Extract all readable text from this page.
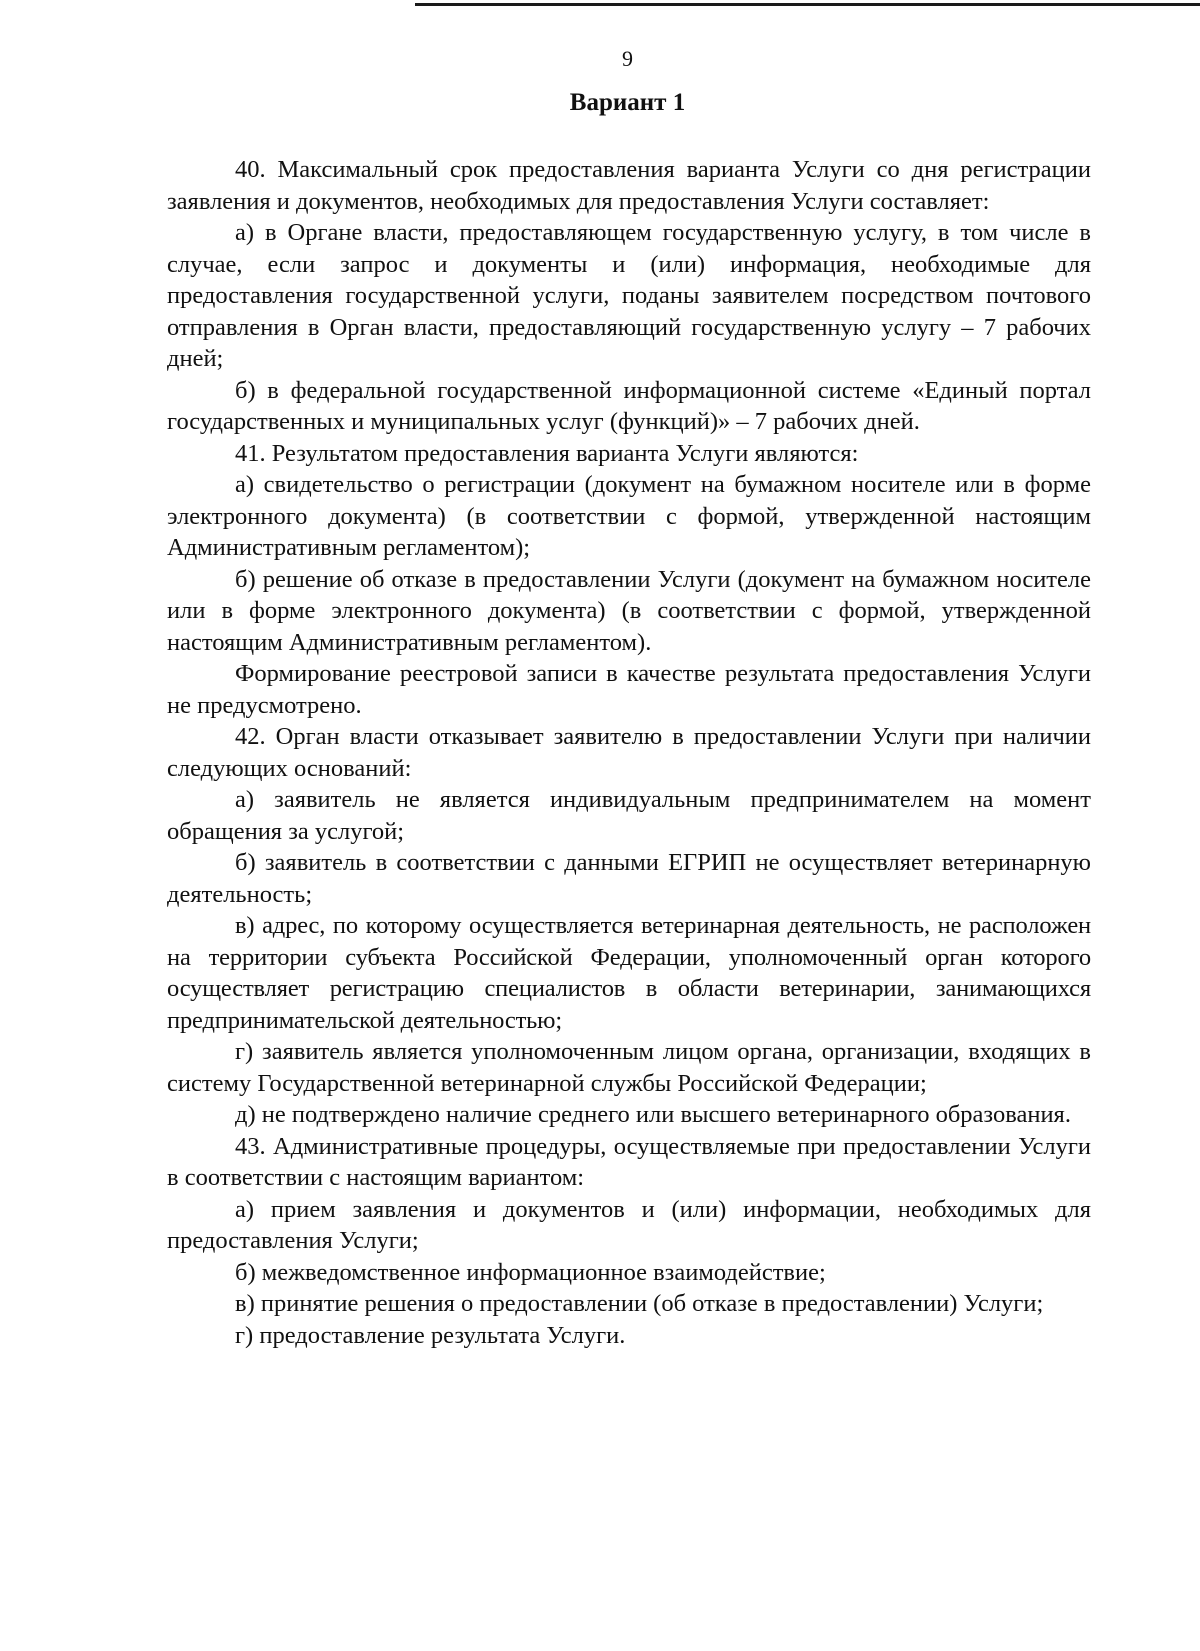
9
Вариант 1

40. Максимальный срок предоставления варианта Услуги со дня регистрации заявления и документов, необходимых для предоставления Услуги составляет:

а) в Органе власти, предоставляющем государственную услугу, в том числе в случае, если запрос и документы и (или) информация, необходимые для предоставления государственной услуги, поданы заявителем посредством почтового отправления в Орган власти, предоставляющий государственную услугу – 7 рабочих дней;

б) в федеральной государственной информационной системе «Единый портал государственных и муниципальных услуг (функций)» – 7 рабочих дней.

41. Результатом предоставления варианта Услуги являются:

а) свидетельство о регистрации (документ на бумажном носителе или в форме электронного документа) (в соответствии с формой, утвержденной настоящим Административным регламентом);

б) решение об отказе в предоставлении Услуги (документ на бумажном носителе или в форме электронного документа) (в соответствии с формой, утвержденной настоящим Административным регламентом).

Формирование реестровой записи в качестве результата предоставления Услуги не предусмотрено.

42. Орган власти отказывает заявителю в предоставлении Услуги при наличии следующих оснований:

а) заявитель не является индивидуальным предпринимателем на момент обращения за услугой;

б) заявитель в соответствии с данными ЕГРИП не осуществляет ветеринарную деятельность;

в) адрес, по которому осуществляется ветеринарная деятельность, не расположен на территории субъекта Российской Федерации, уполномоченный орган которого осуществляет регистрацию специалистов в области ветеринарии, занимающихся предпринимательской деятельностью;

г) заявитель является уполномоченным лицом органа, организации, входящих в систему Государственной ветеринарной службы Российской Федерации;

д) не подтверждено наличие среднего или высшего ветеринарного образования.

43. Административные процедуры, осуществляемые при предоставлении Услуги в соответствии с настоящим вариантом:

а) прием заявления и документов и (или) информации, необходимых для предоставления Услуги;

б) межведомственное информационное взаимодействие;

в) принятие решения о предоставлении (об отказе в предоставлении) Услуги;

г) предоставление результата Услуги.
